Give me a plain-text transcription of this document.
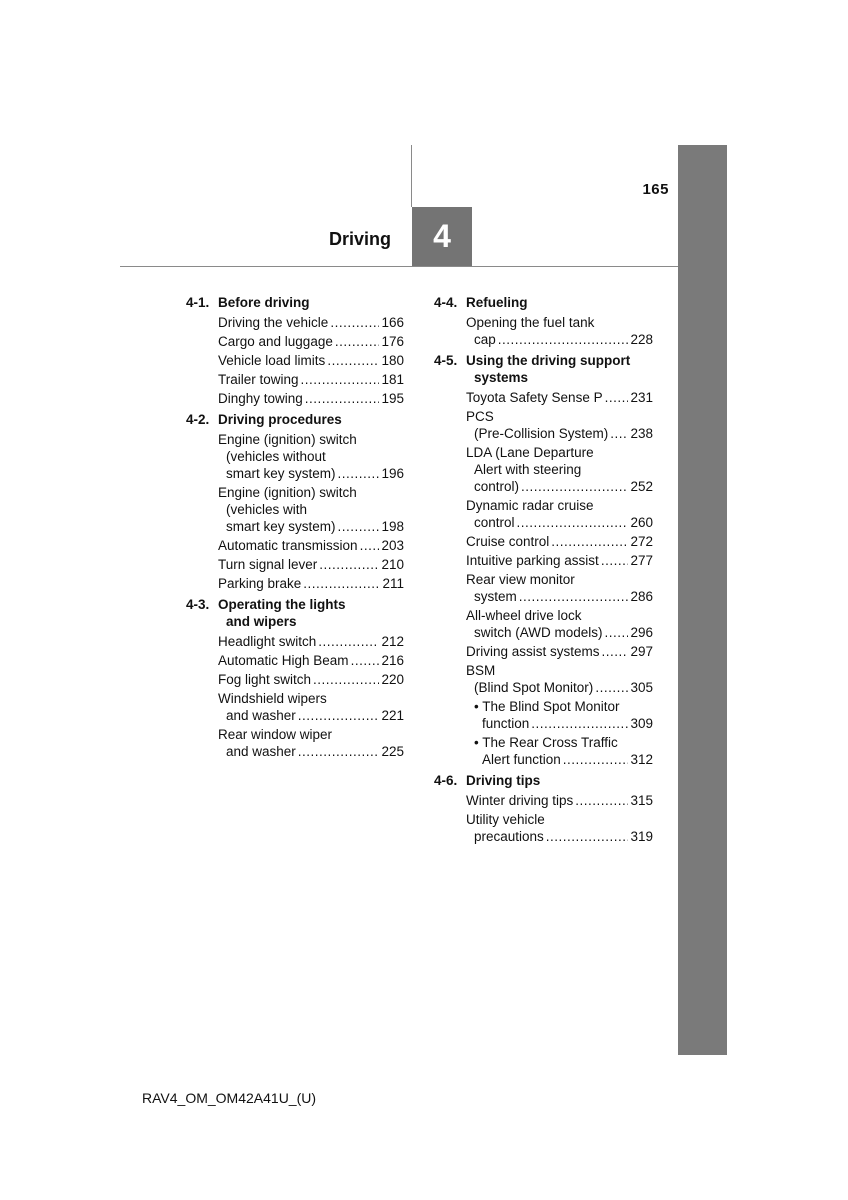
165
Driving 4
4-1. Before driving
Driving the vehicle .....	166
Cargo and luggage .....	176
Vehicle load limits .....	180
Trailer towing .....	181
Dinghy towing .....	195
4-2. Driving procedures
Engine (ignition) switch
(vehicles without
smart key system) .....	196
Engine (ignition) switch
(vehicles with
smart key system) .....	198
Automatic transmission ..... 203
Turn signal lever .....	210
Parking brake .....	211
4-3. Operating the lights
and wipers
Headlight switch .....	212
Automatic High Beam ..... 216
Fog light switch .....	220
Windshield wipers
and washer .....	221
Rear window wiper
and washer .....	225
4-4. Refueling
Opening the fuel tank
cap .....	228
4-5. Using the driving support
systems
Toyota Safety Sense P ..... 231
PCS
(Pre-Collision System) ..... 238
LDA (Lane Departure
Alert with steering
control) .....	252
Dynamic radar cruise
control .....	260
Cruise control .....	272
Intuitive parking assist ..... 277
Rear view monitor
system .....	286
All-wheel drive lock
switch (AWD models) ..... 296
Driving assist systems ..... 297
BSM
(Blind Spot Monitor) .....	305
• The Blind Spot Monitor
function .....	309
• The Rear Cross Traffic
Alert function .....	312
4-6. Driving tips
Winter driving tips .....	315
Utility vehicle
precautions .....	319
RAV4_OM_OM42A41U_(U)
